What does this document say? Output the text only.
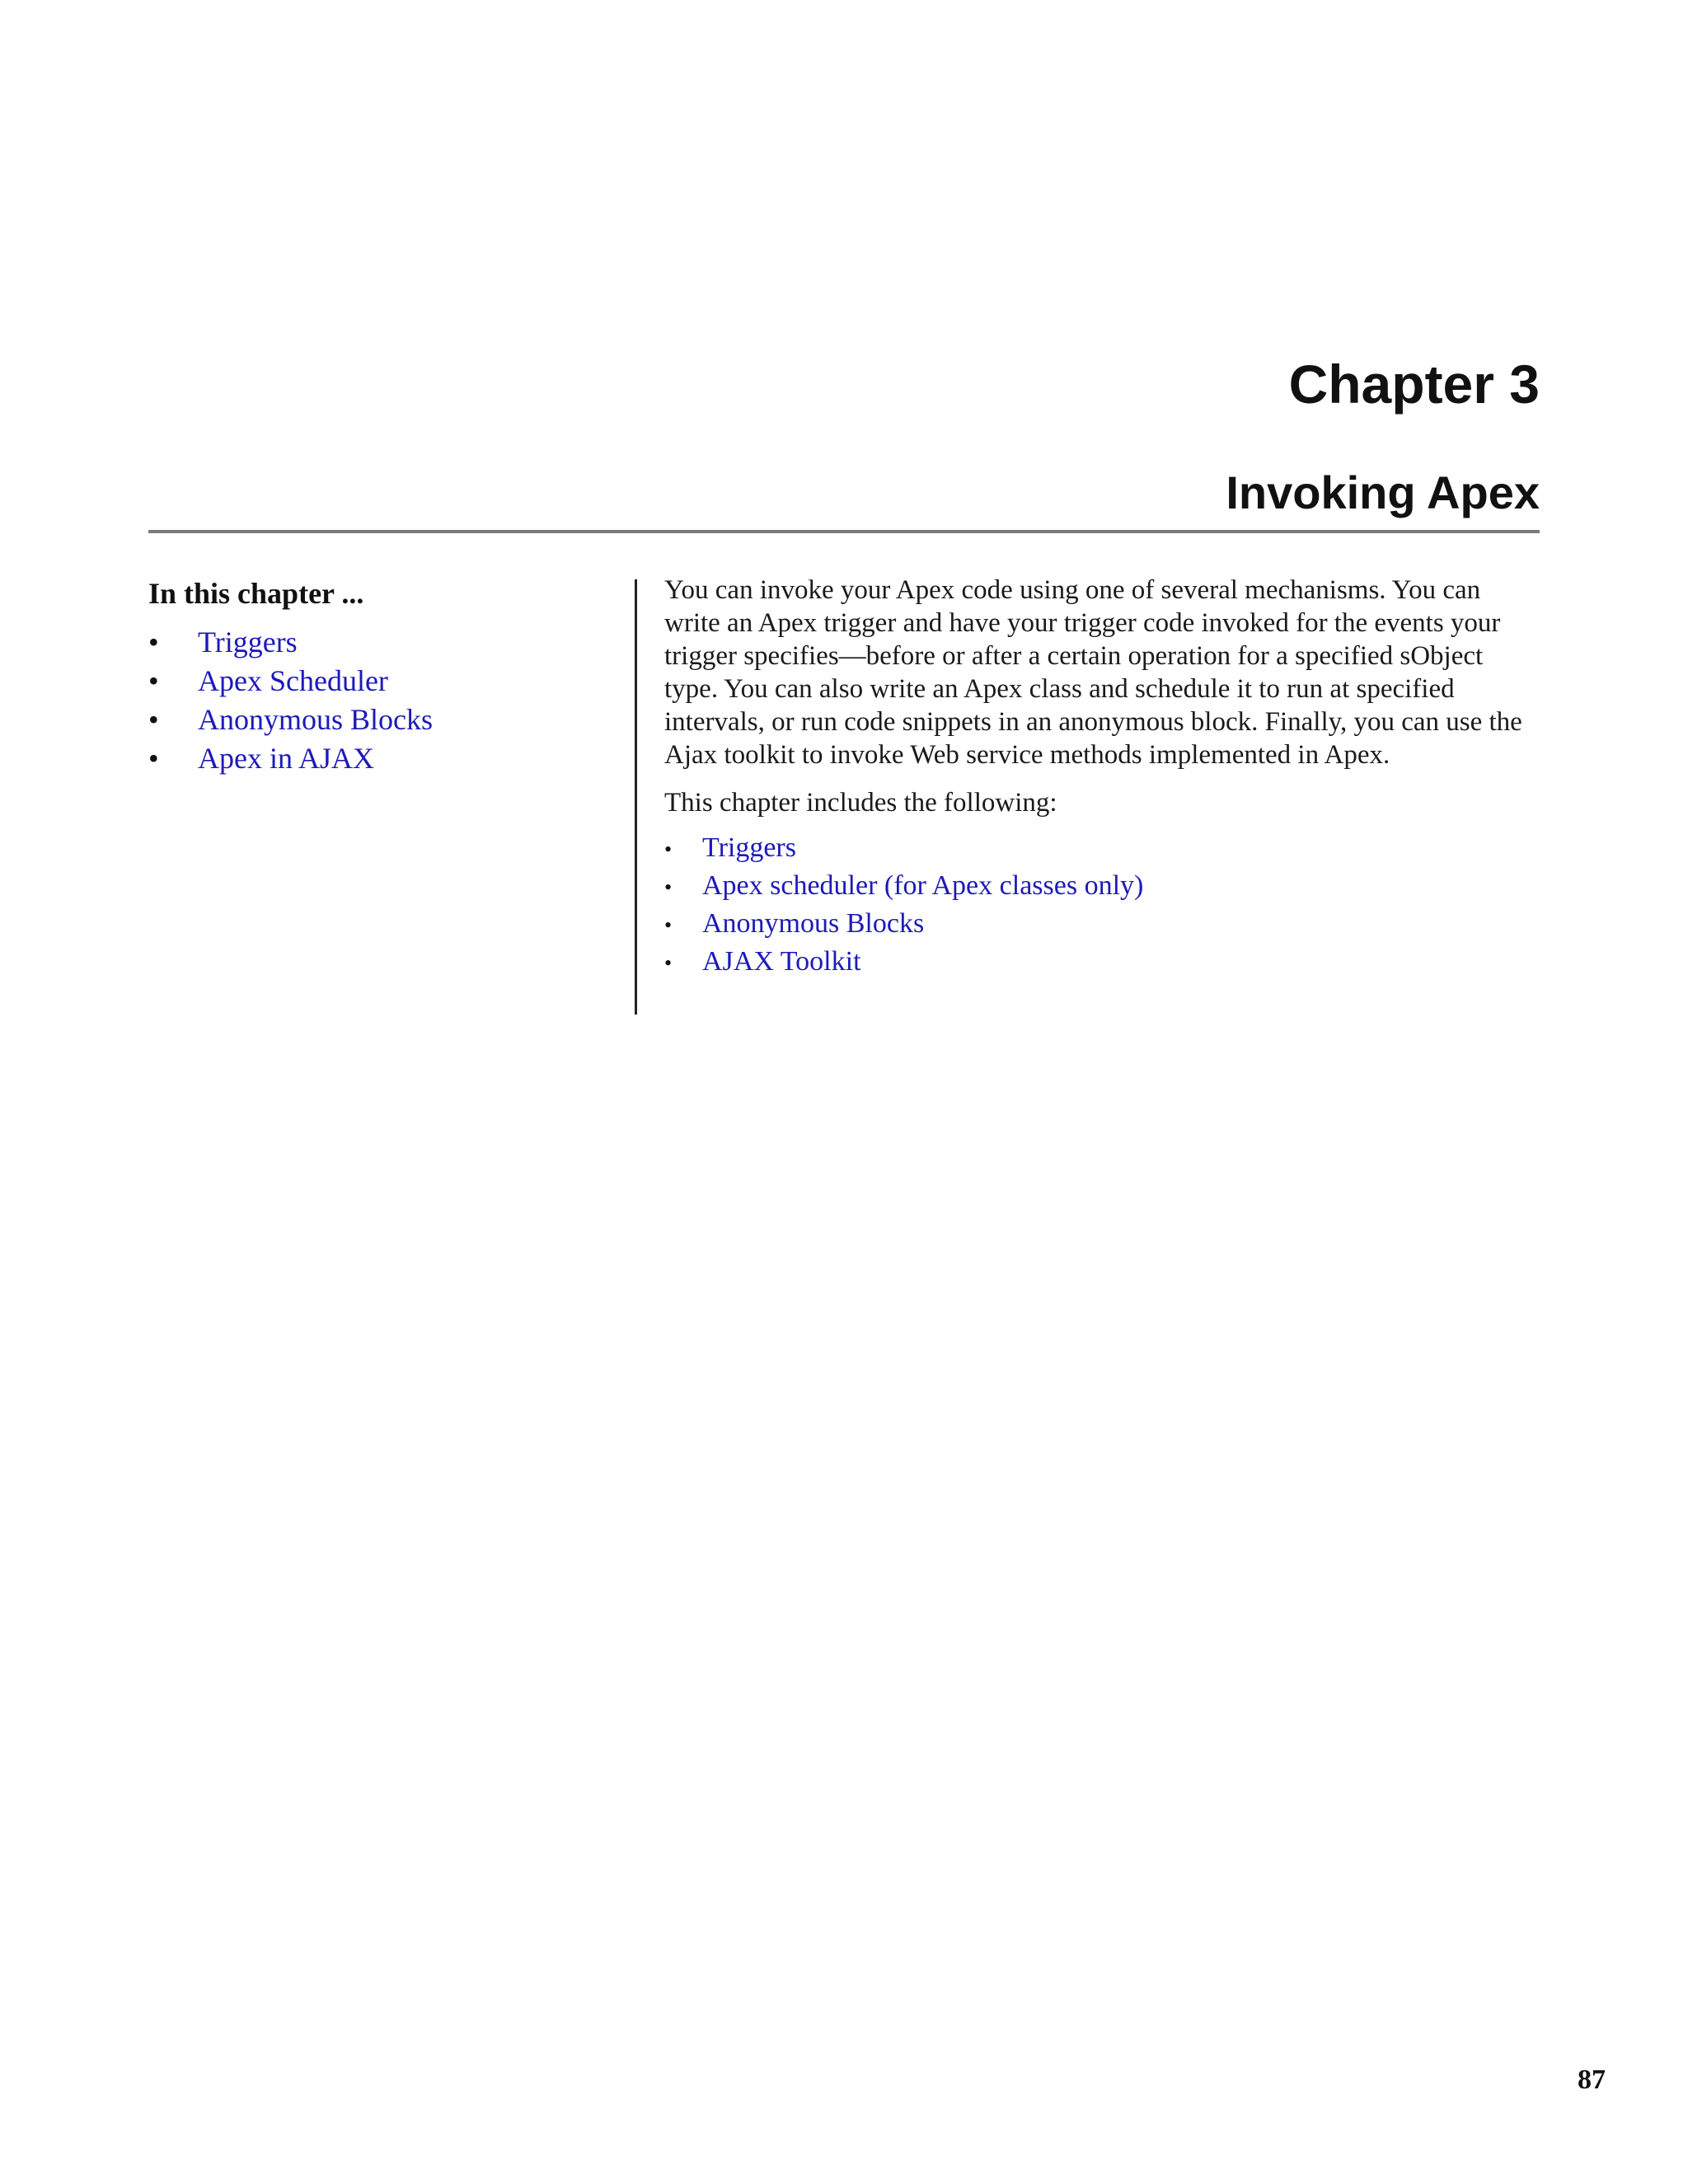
Chapter 3
Invoking Apex

In this chapter ...

• Triggers
• Apex Scheduler
• Anonymous Blocks
• Apex in AJAX

You can invoke your Apex code using one of several mechanisms. You can write an Apex trigger and have your trigger code invoked for the events your trigger specifies—before or after a certain operation for a specified sObject type. You can also write an Apex class and schedule it to run at specified intervals, or run code snippets in an anonymous block. Finally, you can use the Ajax toolkit to invoke Web service methods implemented in Apex.

This chapter includes the following:

• Triggers
• Apex scheduler (for Apex classes only)
• Anonymous Blocks
• AJAX Toolkit

87
